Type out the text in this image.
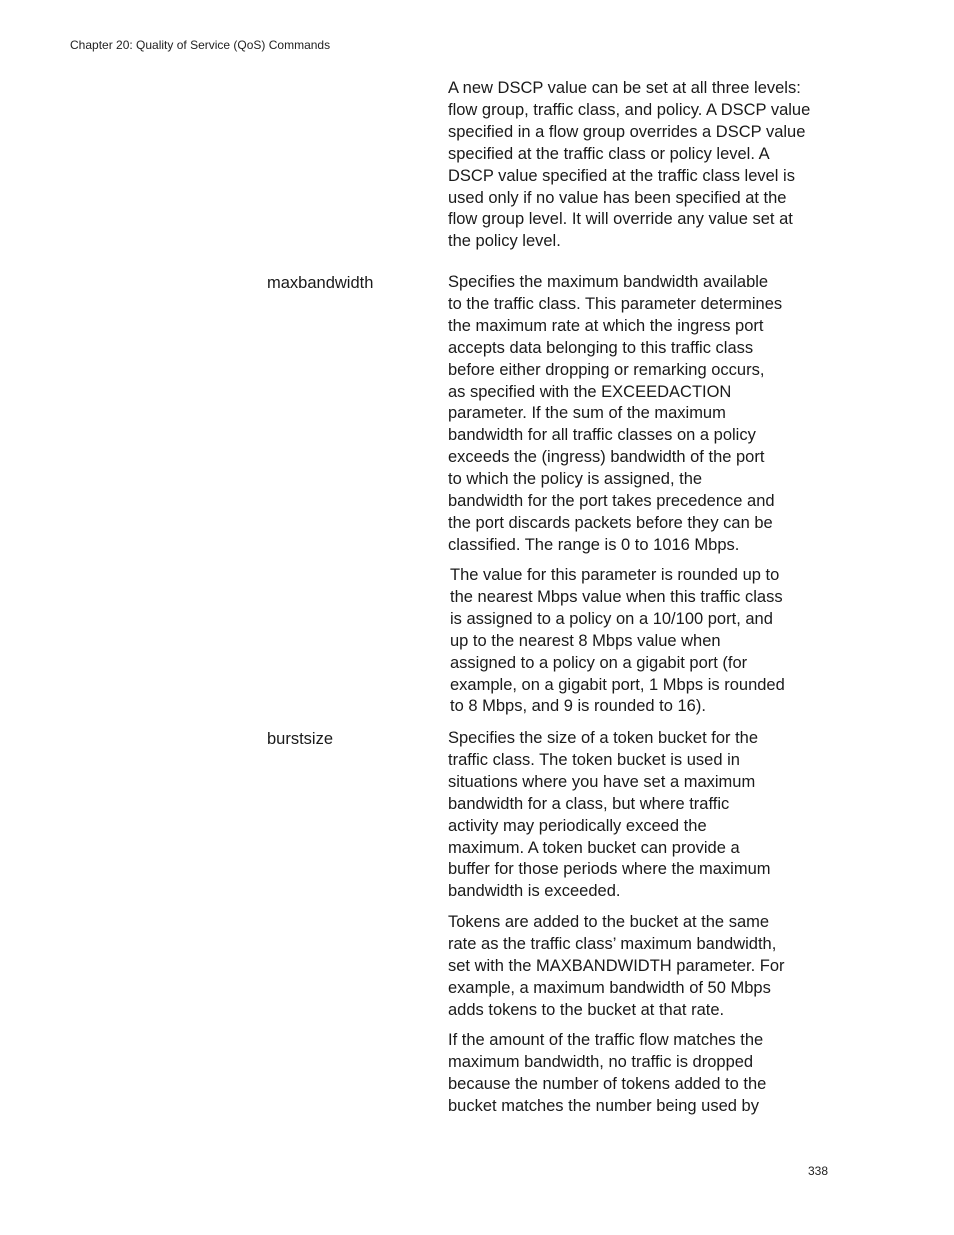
Chapter 20: Quality of Service (QoS) Commands
A new DSCP value can be set at all three levels:
flow group, traffic class, and policy. A DSCP value
specified in a flow group overrides a DSCP value
specified at the traffic class or policy level. A
DSCP value specified at the traffic class level is
used only if no value has been specified at the
flow group level. It will override any value set at
the policy level.
maxbandwidth	Specifies the maximum bandwidth available
to the traffic class. This parameter determines
the maximum rate at which the ingress port
accepts data belonging to this traffic class
before either dropping or remarking occurs,
as specified with the EXCEEDACTION
parameter. If the sum of the maximum
bandwidth for all traffic classes on a policy
exceeds the (ingress) bandwidth of the port
to which the policy is assigned, the
bandwidth for the port takes precedence and
the port discards packets before they can be
classified. The range is 0 to 1016 Mbps.
The value for this parameter is rounded up to
the nearest Mbps value when this traffic class
is assigned to a policy on a 10/100 port, and
up to the nearest 8 Mbps value when
assigned to a policy on a gigabit port (for
example, on a gigabit port, 1 Mbps is rounded
to 8 Mbps, and 9 is rounded to 16).
burstsize	Specifies the size of a token bucket for the
traffic class. The token bucket is used in
situations where you have set a maximum
bandwidth for a class, but where traffic
activity may periodically exceed the
maximum. A token bucket can provide a
buffer for those periods where the maximum
bandwidth is exceeded.
Tokens are added to the bucket at the same
rate as the traffic class’ maximum bandwidth,
set with the MAXBANDWIDTH parameter. For
example, a maximum bandwidth of 50 Mbps
adds tokens to the bucket at that rate.
If the amount of the traffic flow matches the
maximum bandwidth, no traffic is dropped
because the number of tokens added to the
bucket matches the number being used by
338
